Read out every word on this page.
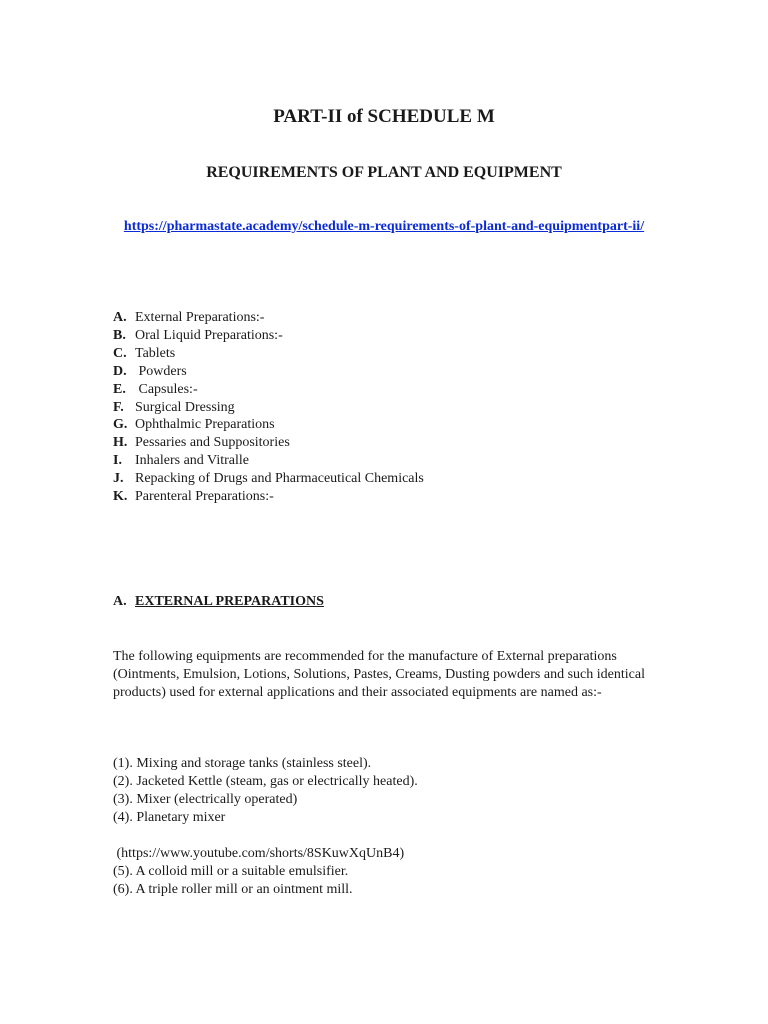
PART-II of SCHEDULE M
REQUIREMENTS OF PLANT AND EQUIPMENT
https://pharmastate.academy/schedule-m-requirements-of-plant-and-equipmentpart-ii/
A. External Preparations:-
B. Oral Liquid Preparations:-
C. Tablets
D. Powders
E. Capsules:-
F. Surgical Dressing
G. Ophthalmic Preparations
H. Pessaries and Suppositories
I. Inhalers and Vitralle
J. Repacking of Drugs and Pharmaceutical Chemicals
K. Parenteral Preparations:-
A. EXTERNAL PREPARATIONS

The following equipments are recommended for the manufacture of External preparations (Ointments, Emulsion, Lotions, Solutions, Pastes, Creams, Dusting powders and such identical products) used for external applications and their associated equipments are named as:-

(1). Mixing and storage tanks (stainless steel).
(2). Jacketed Kettle (steam, gas or electrically heated).
(3). Mixer (electrically operated)
(4). Planetary mixer
(https://www.youtube.com/shorts/8SKuwXqUnB4)
(5). A colloid mill or a suitable emulsifier.
(6). A triple roller mill or an ointment mill.
